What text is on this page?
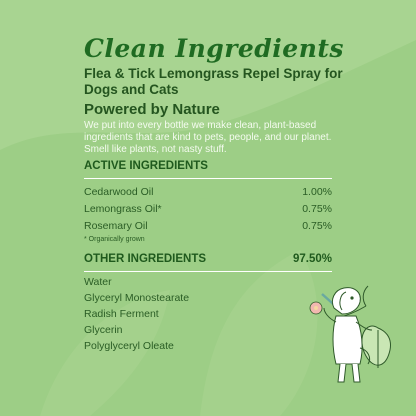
Clean Ingredients

Flea & Tick Lemongrass Repel Spray for Dogs and Cats

Powered by Nature

We put into every bottle we make clean, plant-based ingredients that are kind to pets, people, and our planet. Smell like plants, not nasty stuff.

ACTIVE INGREDIENTS
Cedarwood Oil	1.00%
Lemongrass Oil*	0.75%
Rosemary Oil	0.75%
* Organically grown
OTHER INGREDIENTS	97.50%
Water
Glyceryl Monostearate
Radish Ferment
Glycerin
Polyglyceryl Oleate
